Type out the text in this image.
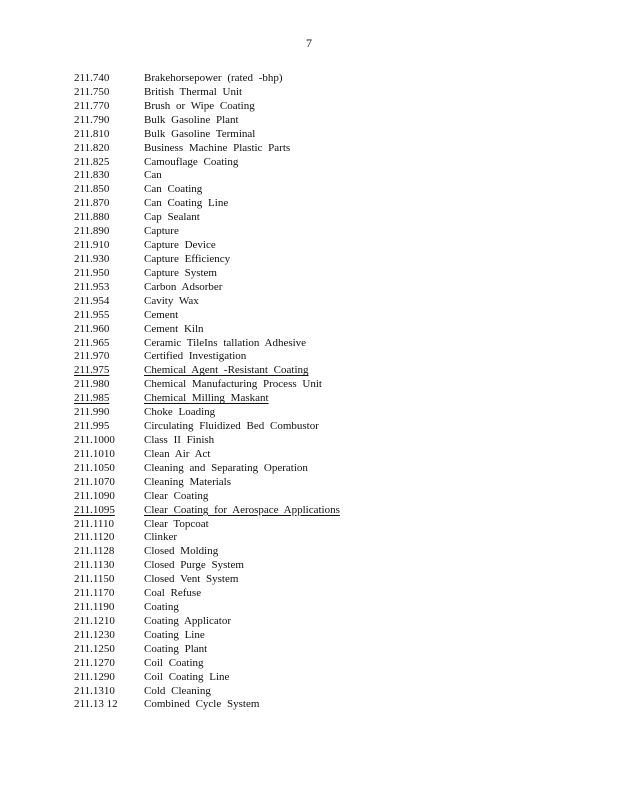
7
211.740	Brakehorsepower (rated -bhp)
211.750	British Thermal Unit
211.770	Brush or Wipe Coating
211.790	Bulk Gasoline Plant
211.810	Bulk Gasoline Terminal
211.820	Business Machine Plastic Parts
211.825	Camouflage Coating
211.830	Can
211.850	Can Coating
211.870	Can Coating Line
211.880	Cap Sealant
211.890	Capture
211.910	Capture Device
211.930	Capture Efficiency
211.950	Capture System
211.953	Carbon Adsorber
211.954	Cavity Wax
211.955	Cement
211.960	Cement Kiln
211.965	Ceramic TileIns tallation Adhesive
211.970	Certified Investigation
211.975	Chemical Agent -Resistant Coating
211.980	Chemical Manufacturing Process Unit
211.985	Chemical Milling Maskant
211.990	Choke Loading
211.995	Circulating Fluidized Bed Combustor
211.1000	Class II Finish
211.1010	Clean Air Act
211.1050	Cleaning and Separating Operation
211.1070	Cleaning Materials
211.1090	Clear Coating
211.1095	Clear Coating for Aerospace Applications
211.1110	Clear Topcoat
211.1120	Clinker
211.1128	Closed Molding
211.1130	Closed Purge System
211.1150	Closed Vent System
211.1170	Coal Refuse
211.1190	Coating
211.1210	Coating Applicator
211.1230	Coating Line
211.1250	Coating Plant
211.1270	Coil Coating
211.1290	Coil Coating Line
211.1310	Cold Cleaning
211.13 12	Combined Cycle System
